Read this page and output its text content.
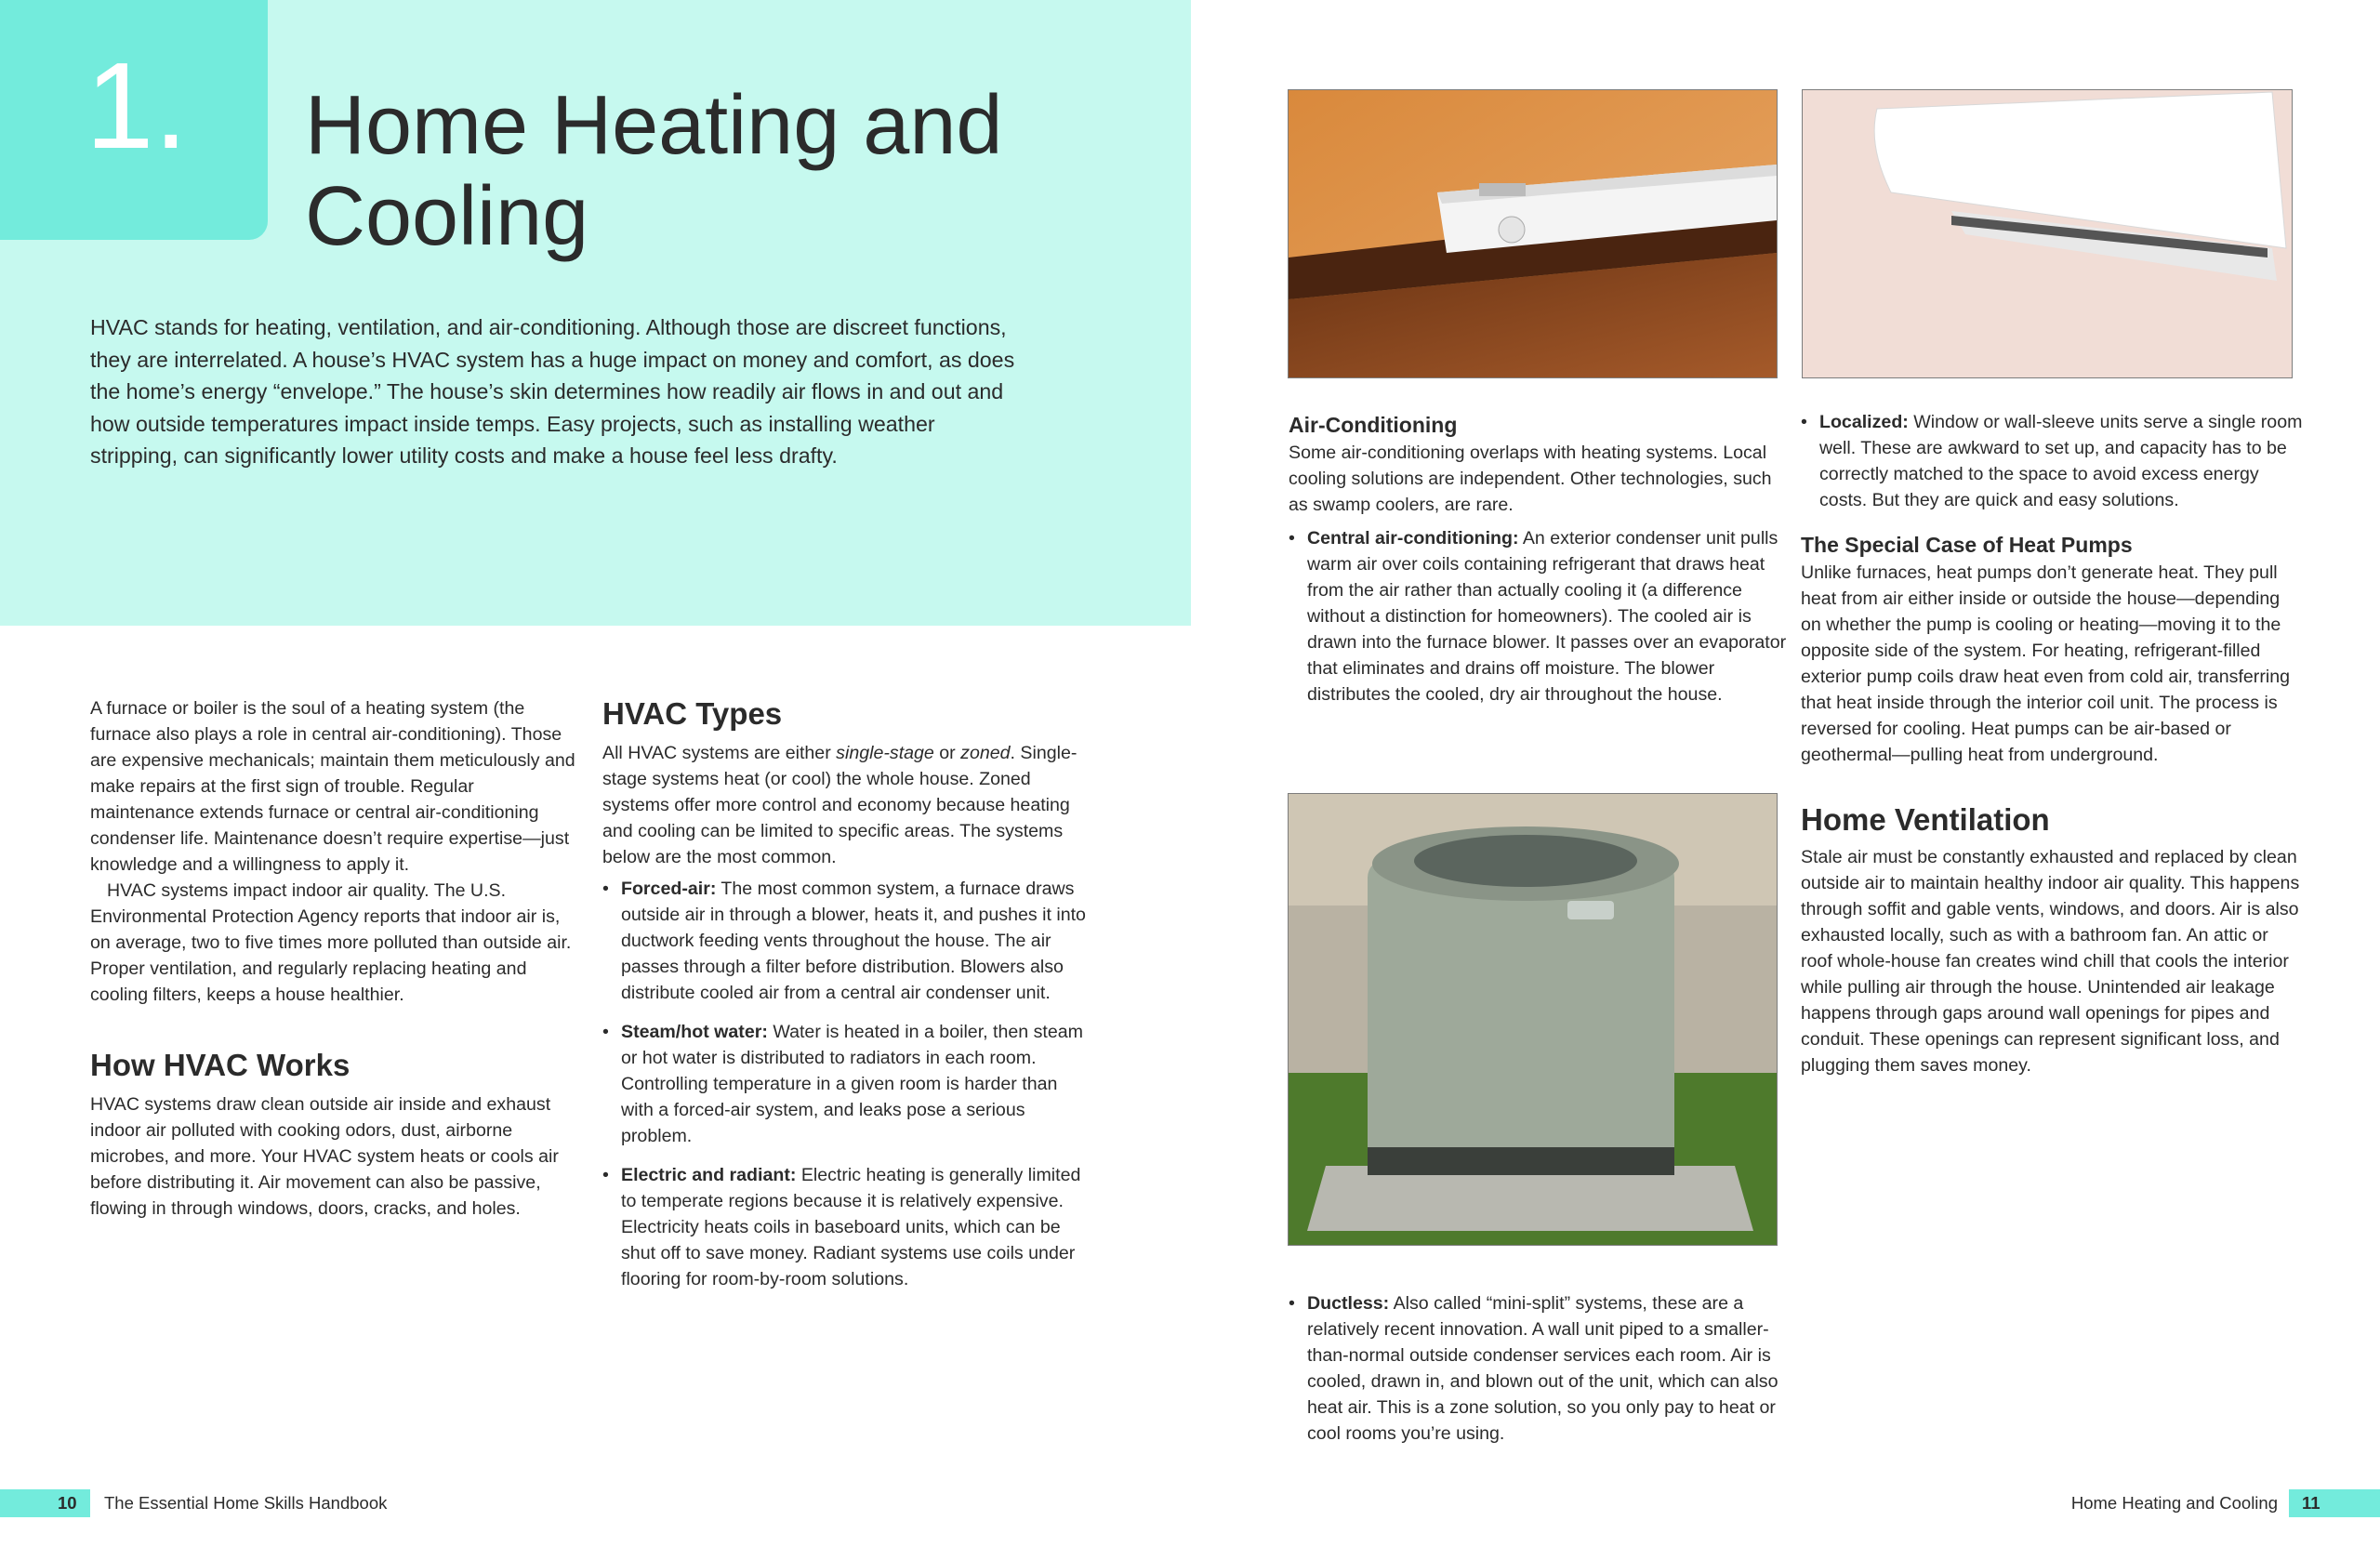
1. Home Heating and
Cooling

HVAC stands for heating, ventilation, and air-conditioning. Although those are discreet functions, they are interrelated. A house’s HVAC system has a huge impact on money and comfort, as does the home’s energy “envelope.” The house’s skin determines how readily air flows in and out and how outside temperatures impact inside temps. Easy projects, such as installing weather stripping, can significantly lower utility costs and make a house feel less drafty.

A furnace or boiler is the soul of a heating system (the furnace also plays a role in central air-conditioning). Those are expensive mechanicals; maintain them meticulously and make repairs at the first sign of trouble. Regular maintenance extends furnace or central air-conditioning condenser life. Maintenance doesn’t require expertise—just knowledge and a willingness to apply it.

HVAC systems impact indoor air quality. The U.S. Environmental Protection Agency reports that indoor air is, on average, two to five times more polluted than outside air. Proper ventilation, and regularly replacing heating and cooling filters, keeps a house healthier.

How HVAC Works

HVAC systems draw clean outside air inside and exhaust indoor air polluted with cooking odors, dust, airborne microbes, and more. Your HVAC system heats or cools air before distributing it. Air movement can also be passive, flowing in through windows, doors, cracks, and holes.

HVAC Types

All HVAC systems are either single-stage or zoned. Single-stage systems heat (or cool) the whole house. Zoned systems offer more control and economy because heating and cooling can be limited to specific areas. The systems below are the most common.

• Forced-air: The most common system, a furnace draws outside air in through a blower, heats it, and pushes it into ductwork feeding vents throughout the house. The air passes through a filter before distribution. Blowers also distribute cooled air from a central air condenser unit.
• Steam/hot water: Water is heated in a boiler, then steam or hot water is distributed to radiators in each room. Controlling temperature in a given room is harder than with a forced-air system, and leaks pose a serious problem.
• Electric and radiant: Electric heating is generally limited to temperate regions because it is relatively expensive. Electricity heats coils in baseboard units, which can be shut off to save money. Radiant systems use coils under flooring for room-by-room solutions.
Air-Conditioning

Some air-conditioning overlaps with heating systems. Local cooling solutions are independent. Other technologies, such as swamp coolers, are rare.

• Central air-conditioning: An exterior condenser unit pulls warm air over coils containing refrigerant that draws heat from the air rather than actually cooling it (a difference without a distinction for homeowners). The cooled air is drawn into the furnace blower. It passes over an evaporator that eliminates and drains off moisture. The blower distributes the cooled, dry air throughout the house.
• Ductless: Also called “mini-split” systems, these are a relatively recent innovation. A wall unit piped to a smaller-than-normal outside condenser services each room. Air is cooled, drawn in, and blown out of the unit, which can also heat air. This is a zone solution, so you only pay to heat or cool rooms you’re using.
• Localized: Window or wall-sleeve units serve a single room well. These are awkward to set up, and capacity has to be correctly matched to the space to avoid excess energy costs. But they are quick and easy solutions.
The Special Case of Heat Pumps

Unlike furnaces, heat pumps don’t generate heat. They pull heat from air either inside or outside the house—depending on whether the pump is cooling or heating—moving it to the opposite side of the system. For heating, refrigerant-filled exterior pump coils draw heat even from cold air, transferring that heat inside through the interior coil unit. The process is reversed for cooling. Heat pumps can be air-based or geothermal—pulling heat from underground.

Home Ventilation

Stale air must be constantly exhausted and replaced by clean outside air to maintain healthy indoor air quality. This happens through soffit and gable vents, windows, and doors. Air is also exhausted locally, such as with a bathroom fan. An attic or roof whole-house fan creates wind chill that cools the interior while pulling air through the house. Unintended air leakage happens through gaps around wall openings for pipes and conduit. These openings can represent significant loss, and plugging them saves money.

10 The Essential Home Skills Handbook	Home Heating and Cooling 11
